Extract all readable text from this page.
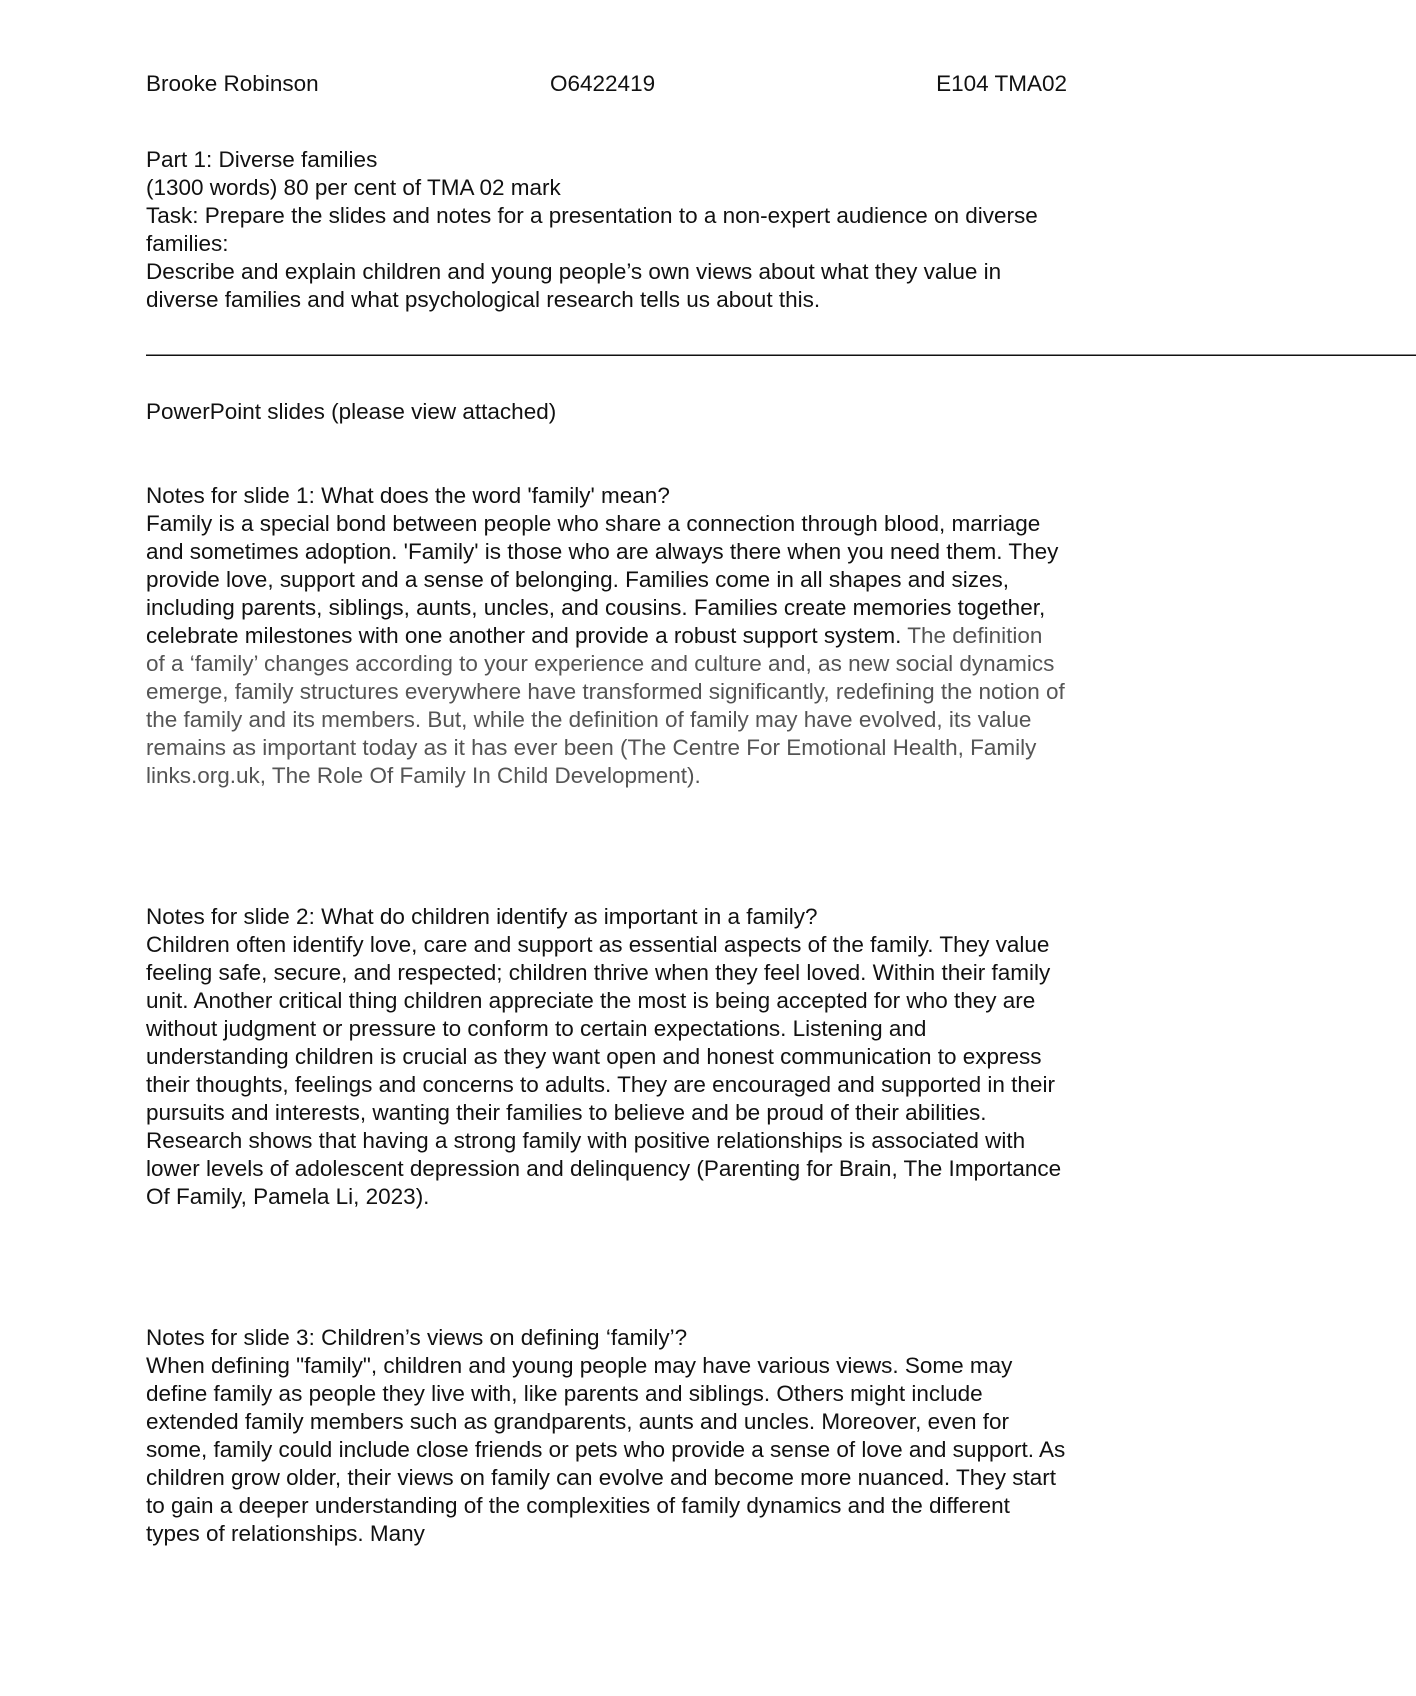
Brooke Robinson	O6422419	E104 TMA02

Part 1: Diverse families

(1300 words) 80 per cent of TMA 02 mark

Task: Prepare the slides and notes for a presentation to a non-expert audience on diverse families:

Describe and explain children and young people’s own views about what they value in diverse families and what psychological research tells us about this.

——————————————————————————————————————————————————————————
PowerPoint slides (please view attached)

Notes for slide 1: What does the word 'family' mean?

Family is a special bond between people who share a connection through blood, marriage and sometimes adoption. 'Family' is those who are always there when you need them. They provide love, support and a sense of belonging. Families come in all shapes and sizes, including parents, siblings, aunts, uncles, and cousins. Families create memories together, celebrate milestones with one another and provide a robust support system. The definition of a ‘family’ changes according to your experience and culture and, as new social dynamics emerge, family structures everywhere have transformed significantly, redefining the notion of the family and its members. But, while the definition of family may have evolved, its value remains as important today as it has ever been (The Centre For Emotional Health, Family links.org.uk, The Role Of Family In Child Development).

Notes for slide 2: What do children identify as important in a family?

Children often identify love, care and support as essential aspects of the family. They value feeling safe, secure, and respected; children thrive when they feel loved. Within their family unit. Another critical thing children appreciate the most is being accepted for who they are without judgment or pressure to conform to certain expectations. Listening and understanding children is crucial as they want open and honest communication to express their thoughts, feelings and concerns to adults. They are encouraged and supported in their pursuits and interests, wanting their families to believe and be proud of their abilities. Research shows that having a strong family with positive relationships is associated with lower levels of adolescent depression and delinquency (Parenting for Brain, The Importance Of Family, Pamela Li, 2023).

Notes for slide 3: Children’s views on defining ‘family’?

When defining "family", children and young people may have various views. Some may define family as people they live with, like parents and siblings. Others might include extended family members such as grandparents, aunts and uncles. Moreover, even for some, family could include close friends or pets who provide a sense of love and support. As children grow older, their views on family can evolve and become more nuanced. They start to gain a deeper understanding of the complexities of family dynamics and the different types of relationships. Many
